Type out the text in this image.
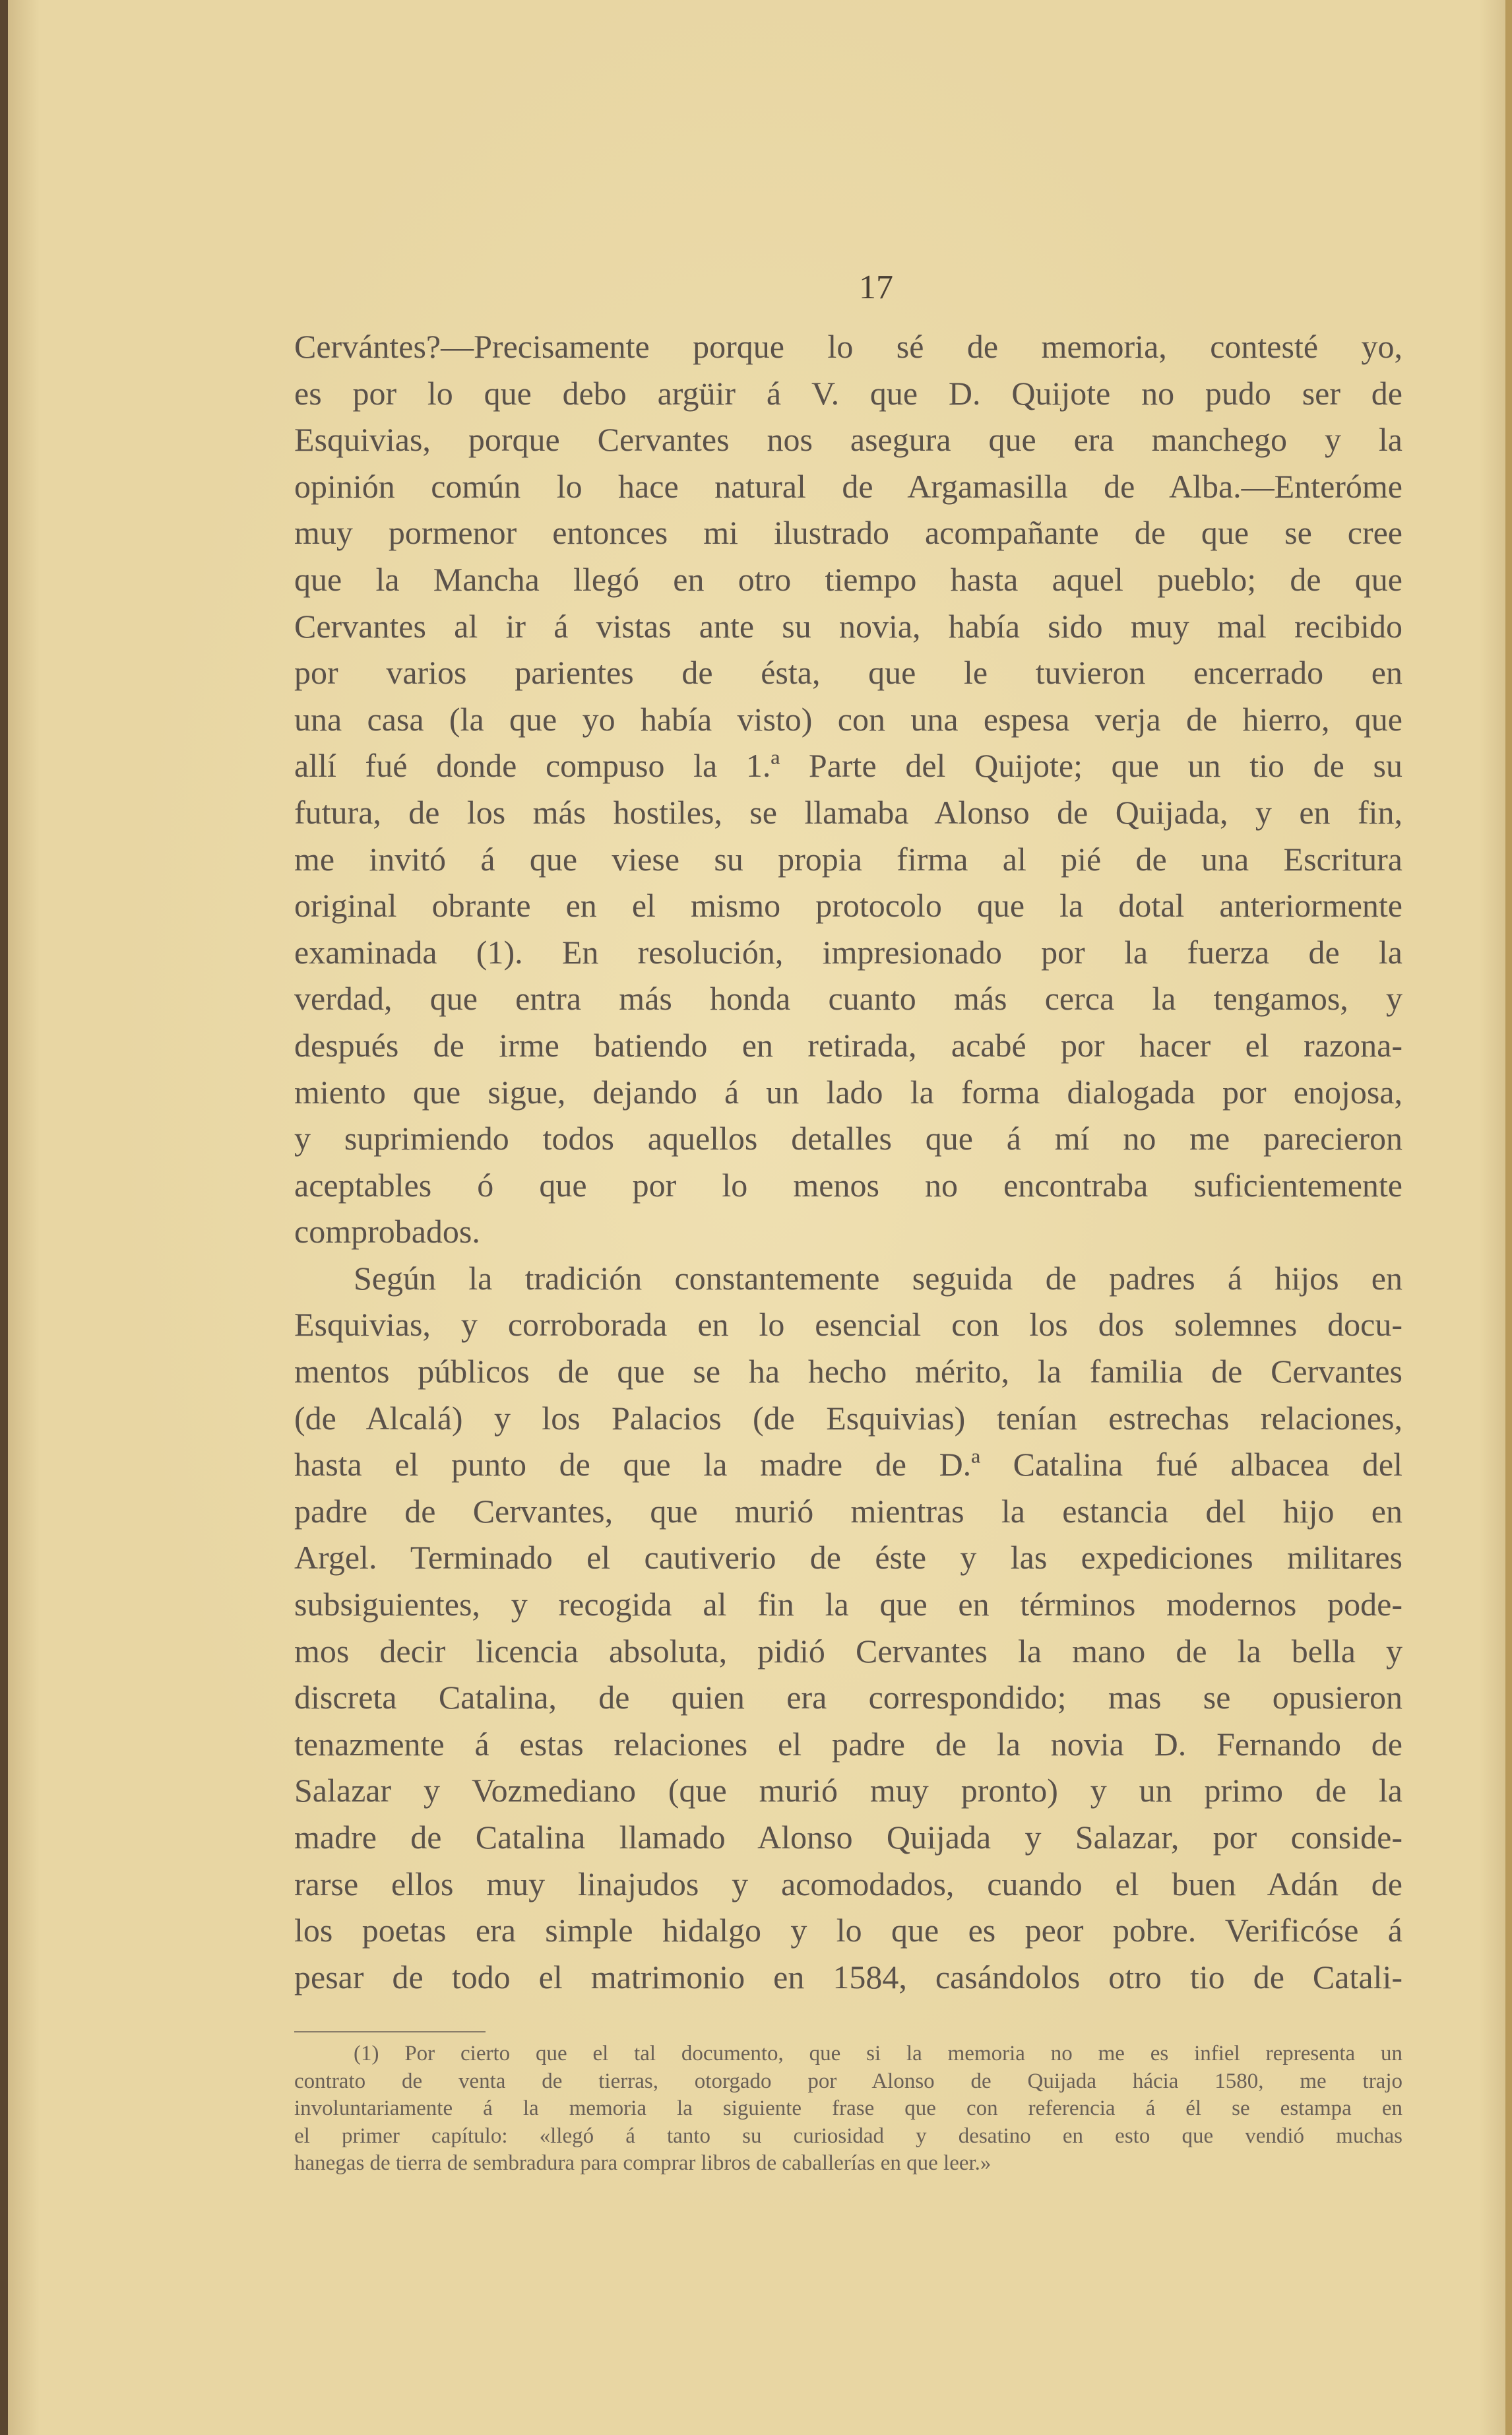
17
Cervántes?—Precisamente porque lo sé de memoria, contesté yo,
es por lo que debo argüir á V. que D. Quijote no pudo ser de
Esquivias, porque Cervantes nos asegura que era manchego y la
opinión común lo hace natural de Argamasilla de Alba.—Enteróme
muy pormenor entonces mi ilustrado acompañante de que se cree
que la Mancha llegó en otro tiempo hasta aquel pueblo; de que
Cervantes al ir á vistas ante su novia, había sido muy mal recibido
por varios parientes de ésta, que le tuvieron encerrado en
una casa (la que yo había visto) con una espesa verja de hierro, que
allí fué donde compuso la 1.ª Parte del Quijote; que un tio de su
futura, de los más hostiles, se llamaba Alonso de Quijada, y en fin,
me invitó á que viese su propia firma al pié de una Escritura
original obrante en el mismo protocolo que la dotal anteriormente
examinada (1). En resolución, impresionado por la fuerza de la
verdad, que entra más honda cuanto más cerca la tengamos, y
después de irme batiendo en retirada, acabé por hacer el razona-
miento que sigue, dejando á un lado la forma dialogada por enojosa,
y suprimiendo todos aquellos detalles que á mí no me parecieron
aceptables ó que por lo menos no encontraba suficientemente
comprobados.
Según la tradición constantemente seguida de padres á hijos en
Esquivias, y corroborada en lo esencial con los dos solemnes docu-
mentos públicos de que se ha hecho mérito, la familia de Cervantes
(de Alcalá) y los Palacios (de Esquivias) tenían estrechas relaciones,
hasta el punto de que la madre de D.ª Catalina fué albacea del
padre de Cervantes, que murió mientras la estancia del hijo en
Argel. Terminado el cautiverio de éste y las expediciones militares
subsiguientes, y recogida al fin la que en términos modernos pode-
mos decir licencia absoluta, pidió Cervantes la mano de la bella y
discreta Catalina, de quien era correspondido; mas se opusieron
tenazmente á estas relaciones el padre de la novia D. Fernando de
Salazar y Vozmediano (que murió muy pronto) y un primo de la
madre de Catalina llamado Alonso Quijada y Salazar, por conside-
rarse ellos muy linajudos y acomodados, cuando el buen Adán de
los poetas era simple hidalgo y lo que es peor pobre. Verificóse á
pesar de todo el matrimonio en 1584, casándolos otro tio de Catali-
(1) Por cierto que el tal documento, que si la memoria no me es infiel representa un
contrato de venta de tierras, otorgado por Alonso de Quijada hácia 1580, me trajo
involuntariamente á la memoria la siguiente frase que con referencia á él se estampa en
el primer capítulo: «llegó á tanto su curiosidad y desatino en esto que vendió muchas
hanegas de tierra de sembradura para comprar libros de caballerías en que leer.»
